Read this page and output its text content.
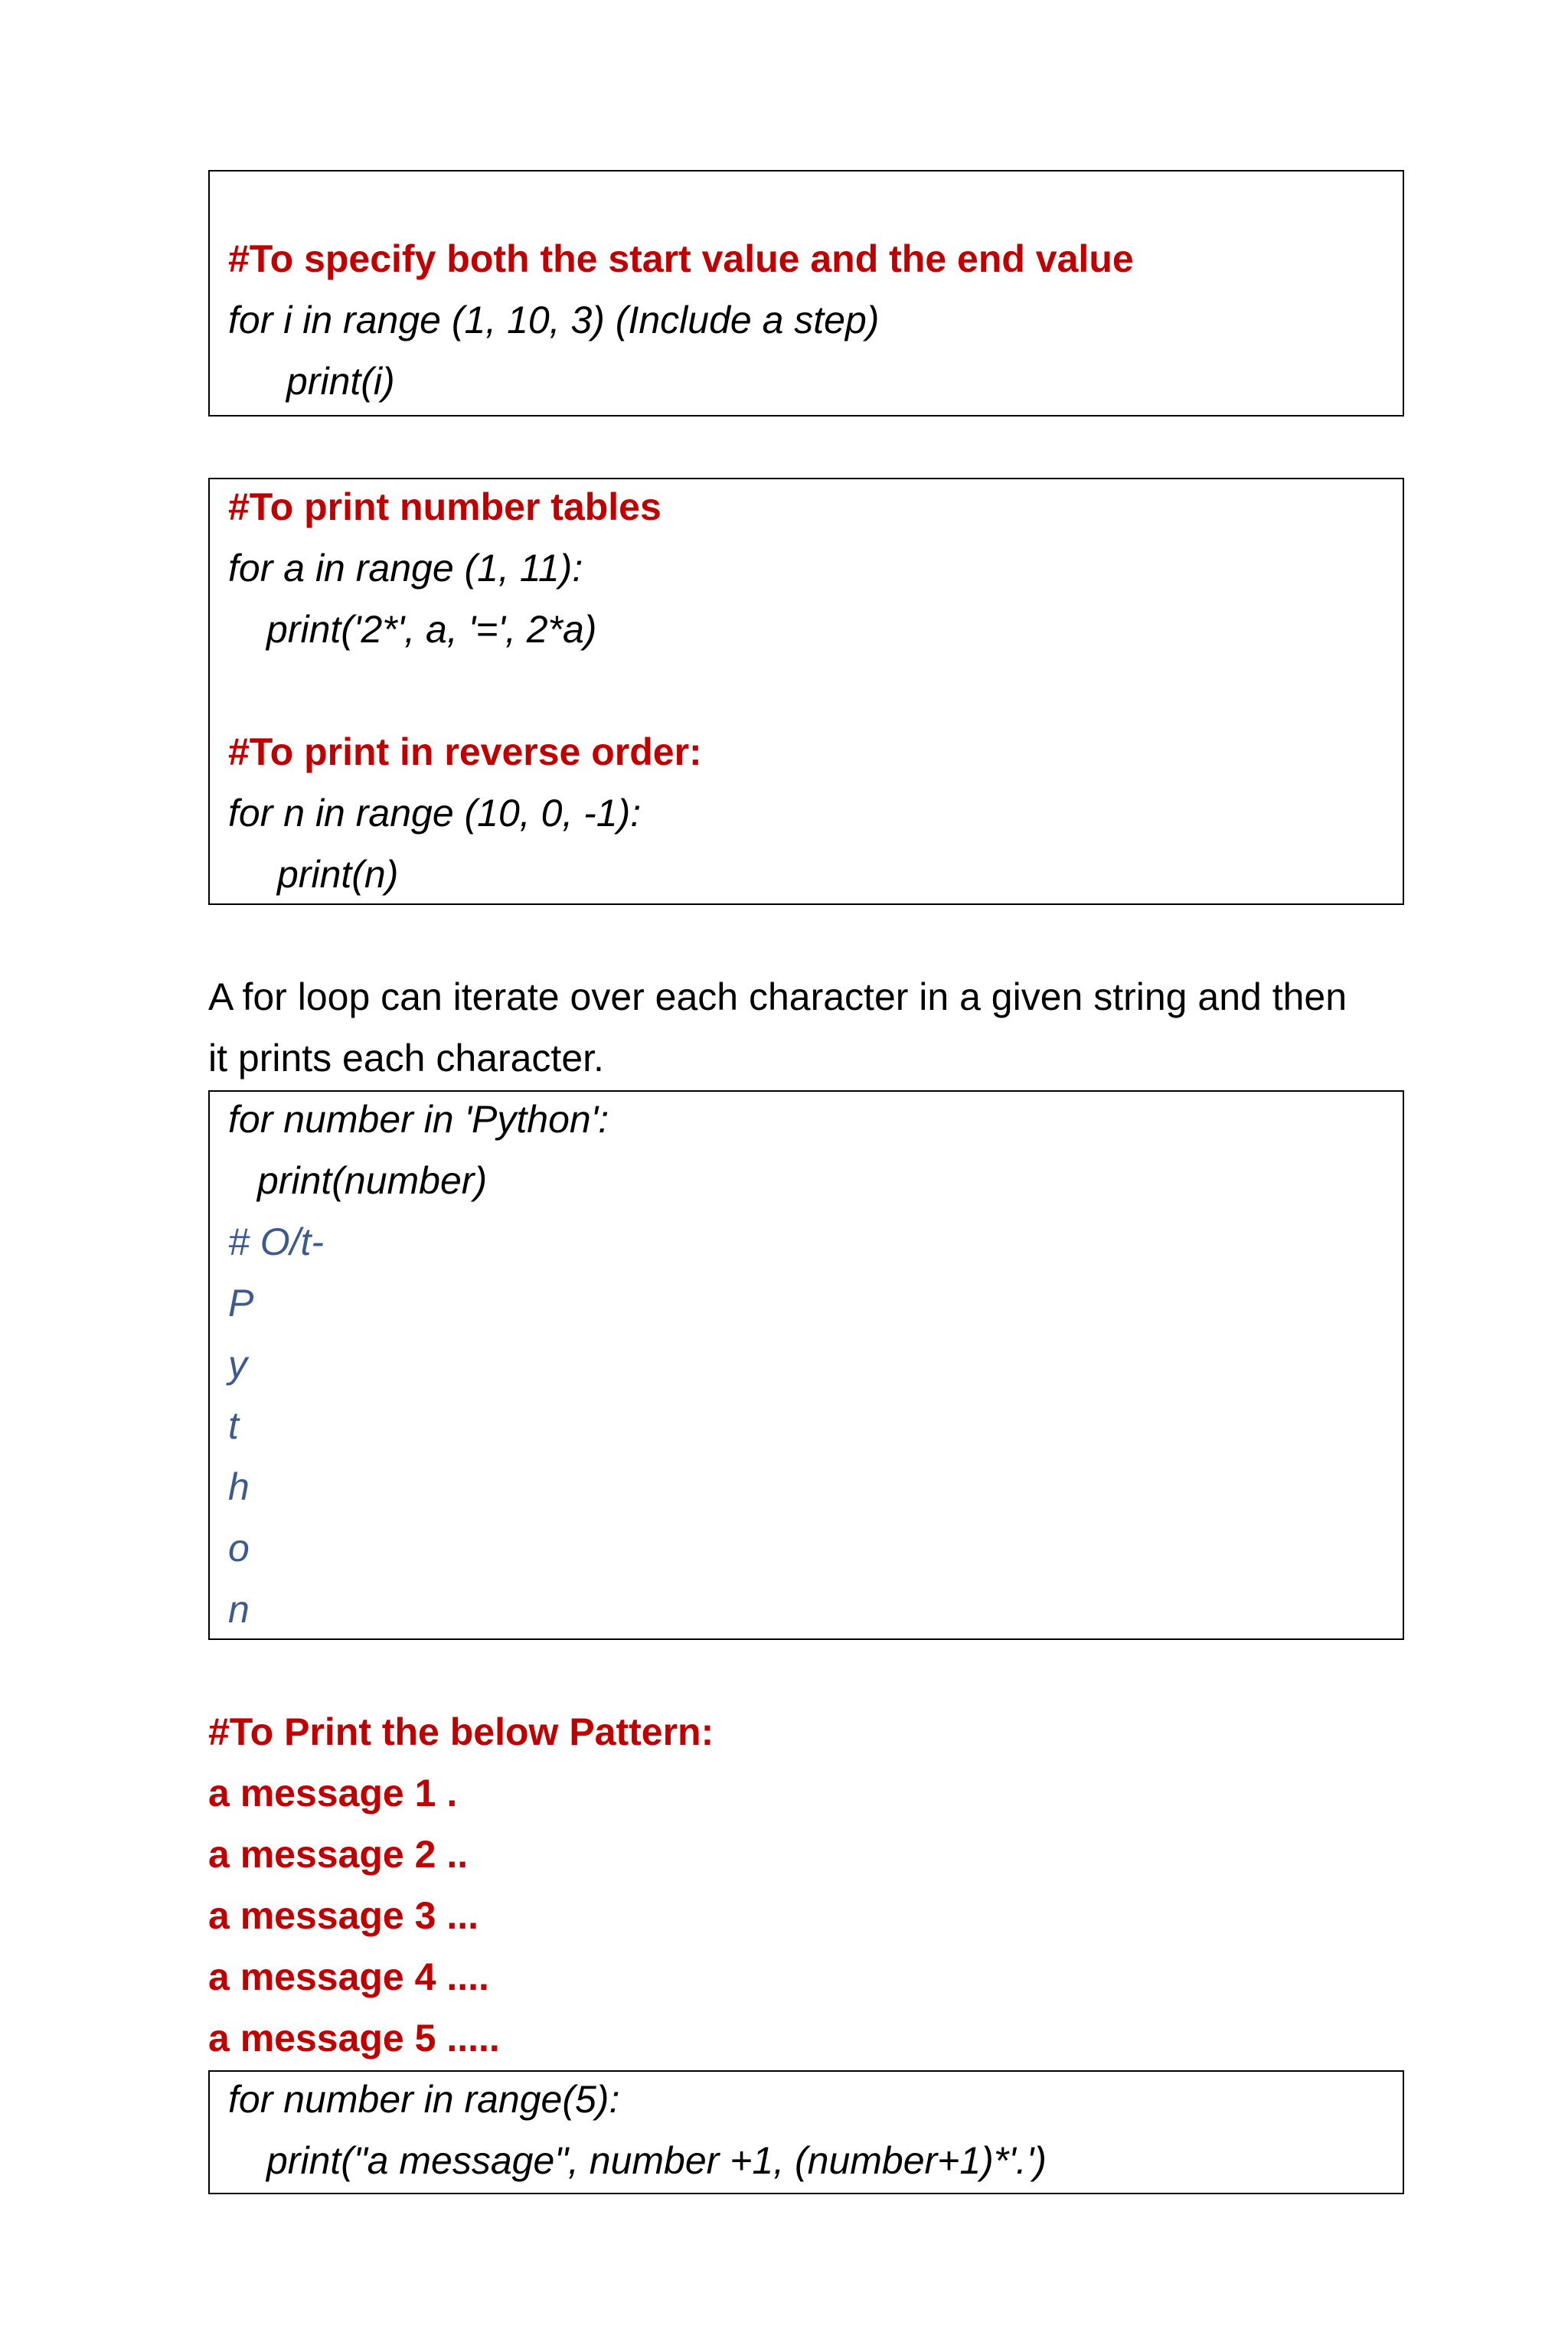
#To specify both the start value and the end value
for i in range (1, 10, 3) (Include a step)
print(i)
#To print number tables
for a in range (1, 11):
print('2*', a, '=', 2*a)
#To print in reverse order:
for n in range (10, 0, -1):
print(n)
A for loop can iterate over each character in a given string and then
it prints each character.
for number in 'Python':
print(number)
# O/t-
P
y
t
h
o
n
#To Print the below Pattern:
a message 1 .
a message 2 ..
a message 3 ...
a message 4 ....
a message 5 .....
for number in range(5):
print("a message", number +1, (number+1)*'.')
